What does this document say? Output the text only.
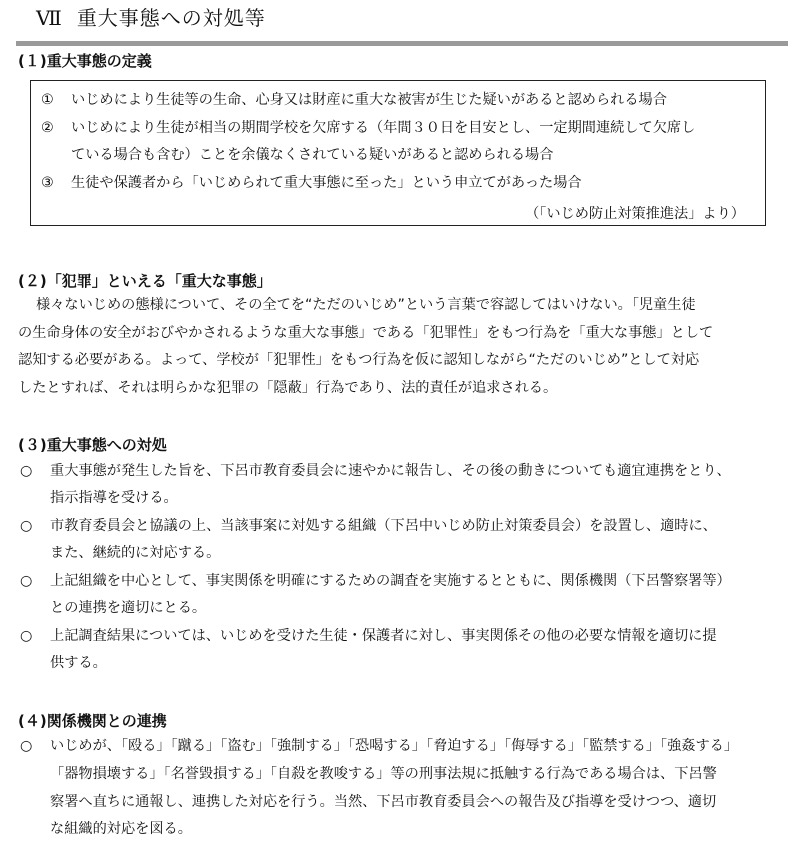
Ⅶ 重大事態への対処等
(１)重大事態の定義
① いじめにより生徒等の生命、心身又は財産に重大な被害が生じた疑いがあると認められる場合
② いじめにより生徒が相当の期間学校を欠席する（年間３０日を目安とし、一定期間連続して欠席し
ている場合も含む）ことを余儀なくされている疑いがあると認められる場合
③ 生徒や保護者から「いじめられて重大事態に至った」という申立てがあった場合
（「いじめ防止対策推進法」より）
(２)「犯罪」といえる「重大な事態」
様々ないじめの態様について、その全てを“ただのいじめ”という言葉で容認してはいけない。「児童生徒
の生命身体の安全がおびやかされるような重大な事態」である「犯罪性」をもつ行為を「重大な事態」として
認知する必要がある。よって、学校が「犯罪性」をもつ行為を仮に認知しながら“ただのいじめ”として対応
したとすれば、それは明らかな犯罪の「隠蔽」行為であり、法的責任が追求される。
(３)重大事態への対処
○ 重大事態が発生した旨を、下呂市教育委員会に速やかに報告し、その後の動きについても適宜連携をとり、
指示指導を受ける。
○ 市教育委員会と協議の上、当該事案に対処する組織（下呂中いじめ防止対策委員会）を設置し、適時に、
また、継続的に対応する。
○ 上記組織を中心として、事実関係を明確にするための調査を実施するとともに、関係機関（下呂警察署等）
との連携を適切にとる。
○ 上記調査結果については、いじめを受けた生徒・保護者に対し、事実関係その他の必要な情報を適切に提
供する。
(４)関係機関との連携
○ いじめが、「殴る」「蹴る」「盗む」「強制する」「恐喝する」「脅迫する」「侮辱する」「監禁する」「強姦する」
「器物損壊する」「名誉毀損する」「自殺を教唆する」等の刑事法規に抵触する行為である場合は、下呂警
察署へ直ちに通報し、連携した対応を行う。当然、下呂市教育委員会への報告及び指導を受けつつ、適切
な組織的対応を図る。
